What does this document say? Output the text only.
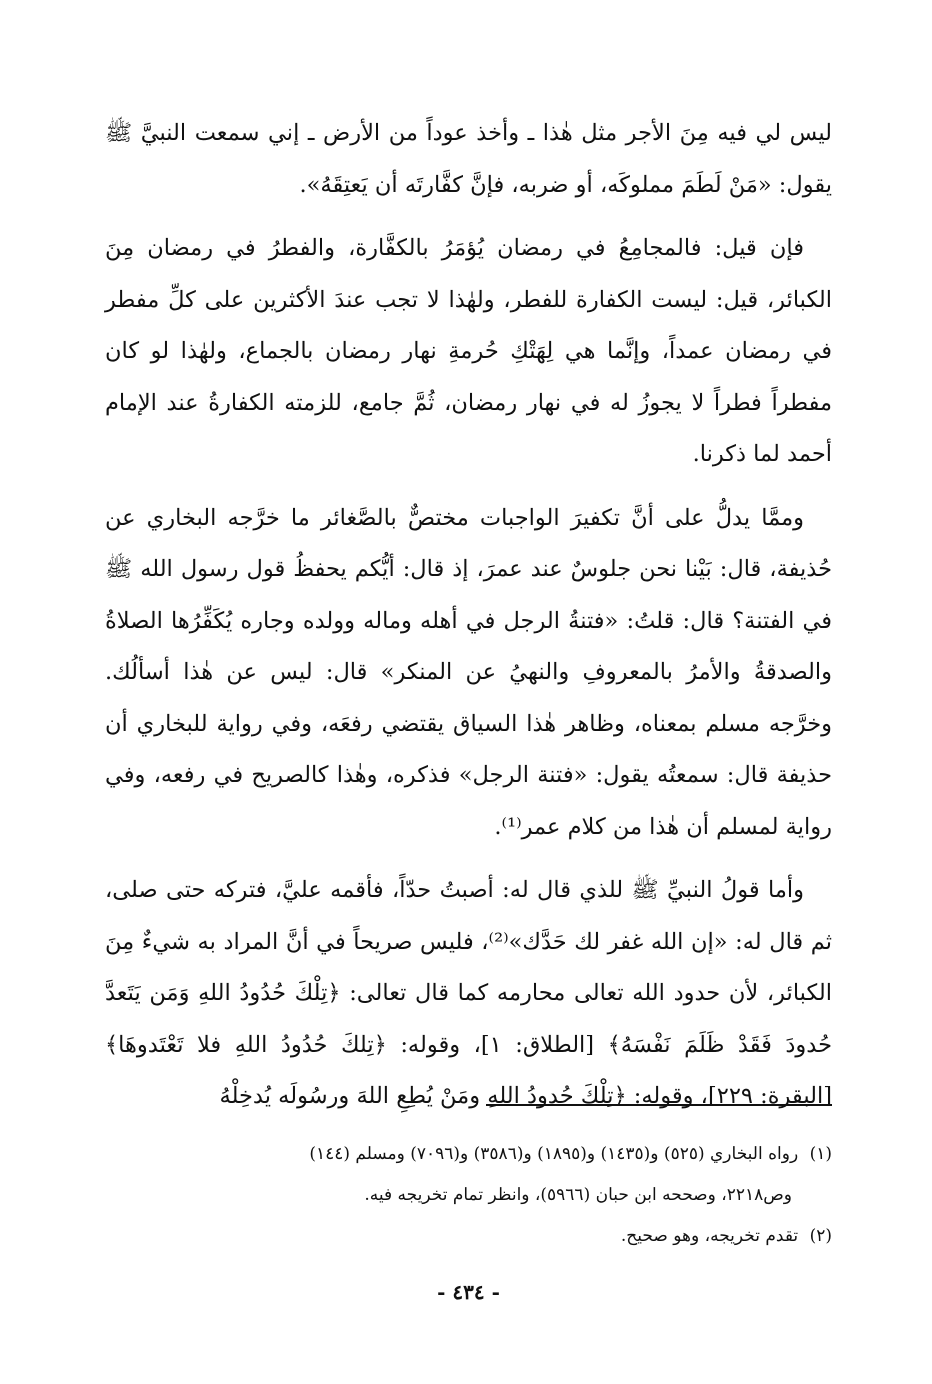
ليس لي فيه مِنَ الأجر مثل هٰذا ـ وأخذ عوداً من الأرض ـ إني سمعت النبيَّ ﷺ يقول: «مَنْ لَطَمَ مملوكَه، أو ضربه، فإنَّ كفَّارتَه أن يَعتِقَهُ».

فإن قيل: فالمجامِعُ في رمضان يُؤمَرُ بالكفَّارة، والفطرُ في رمضان مِنَ الكبائر، قيل: ليست الكفارة للفطر، ولهٰذا لا تجب عندَ الأكثرين على كلِّ مفطر في رمضان عمداً، وإنَّما هي لِهَتْكِ حُرمةِ نهار رمضان بالجماع، ولهٰذا لو كان مفطراً فطراً لا يجوزُ له في نهار رمضان، ثُمَّ جامع، للزمته الكفارةُ عند الإمام أحمد لما ذكرنا.

وممَّا يدلُّ على أنَّ تكفيرَ الواجبات مختصٌّ بالصَّغائر ما خرَّجه البخاري عن حُذيفة، قال: بَيْنا نحن جلوسٌ عند عمرَ، إذ قال: أيُّكم يحفظُ قول رسول الله ﷺ في الفتنة؟ قال: قلتُ: «فتنةُ الرجل في أهله وماله وولده وجاره يُكَفِّرُها الصلاةُ والصدقةُ والأمرُ بالمعروفِ والنهيُ عن المنكر» قال: ليس عن هٰذا أسألُك. وخرَّجه مسلم بمعناه، وظاهر هٰذا السياق يقتضي رفعَه، وفي رواية للبخاري أن حذيفة قال: سمعتُه يقول: «فتنة الرجل» فذكره، وهٰذا كالصريح في رفعه، وفي رواية لمسلم أن هٰذا من كلام عمر⁽¹⁾.

وأما قولُ النبيِّ ﷺ للذي قال له: أصبتُ حدّاً، فأقمه عليَّ، فتركه حتى صلى، ثم قال له: «إن الله غفر لك حَدَّك»⁽²⁾، فليس صريحاً في أنَّ المراد به شيءٌ مِنَ الكبائر، لأن حدود الله تعالى محارمه كما قال تعالى: ﴿تِلْكَ حُدُودُ اللهِ وَمَن يَتَعدَّ حُدودَ فَقَدْ ظَلَمَ نَفْسَهُ﴾ [الطلاق: ١]، وقوله: ﴿تِلكَ حُدُودُ اللهِ فلا تَعْتَدوهَا﴾ [البقرة: ٢٢٩]، وقوله: ﴿تِلْكَ حُدودُ اللهِ ومَنْ يُطِعِ اللهَ ورسُولَه يُدخِلْهُ

(١) رواه البخاري (٥٢٥) و(١٤٣٥) و(١٨٩٥) و(٣٥٨٦) و(٧٠٩٦) ومسلم (١٤٤)

وص٢٢١٨، وصححه ابن حبان (٥٩٦٦)، وانظر تمام تخريجه فيه.

(٢) تقدم تخريجه، وهو صحيح.

- ٤٣٤ -
